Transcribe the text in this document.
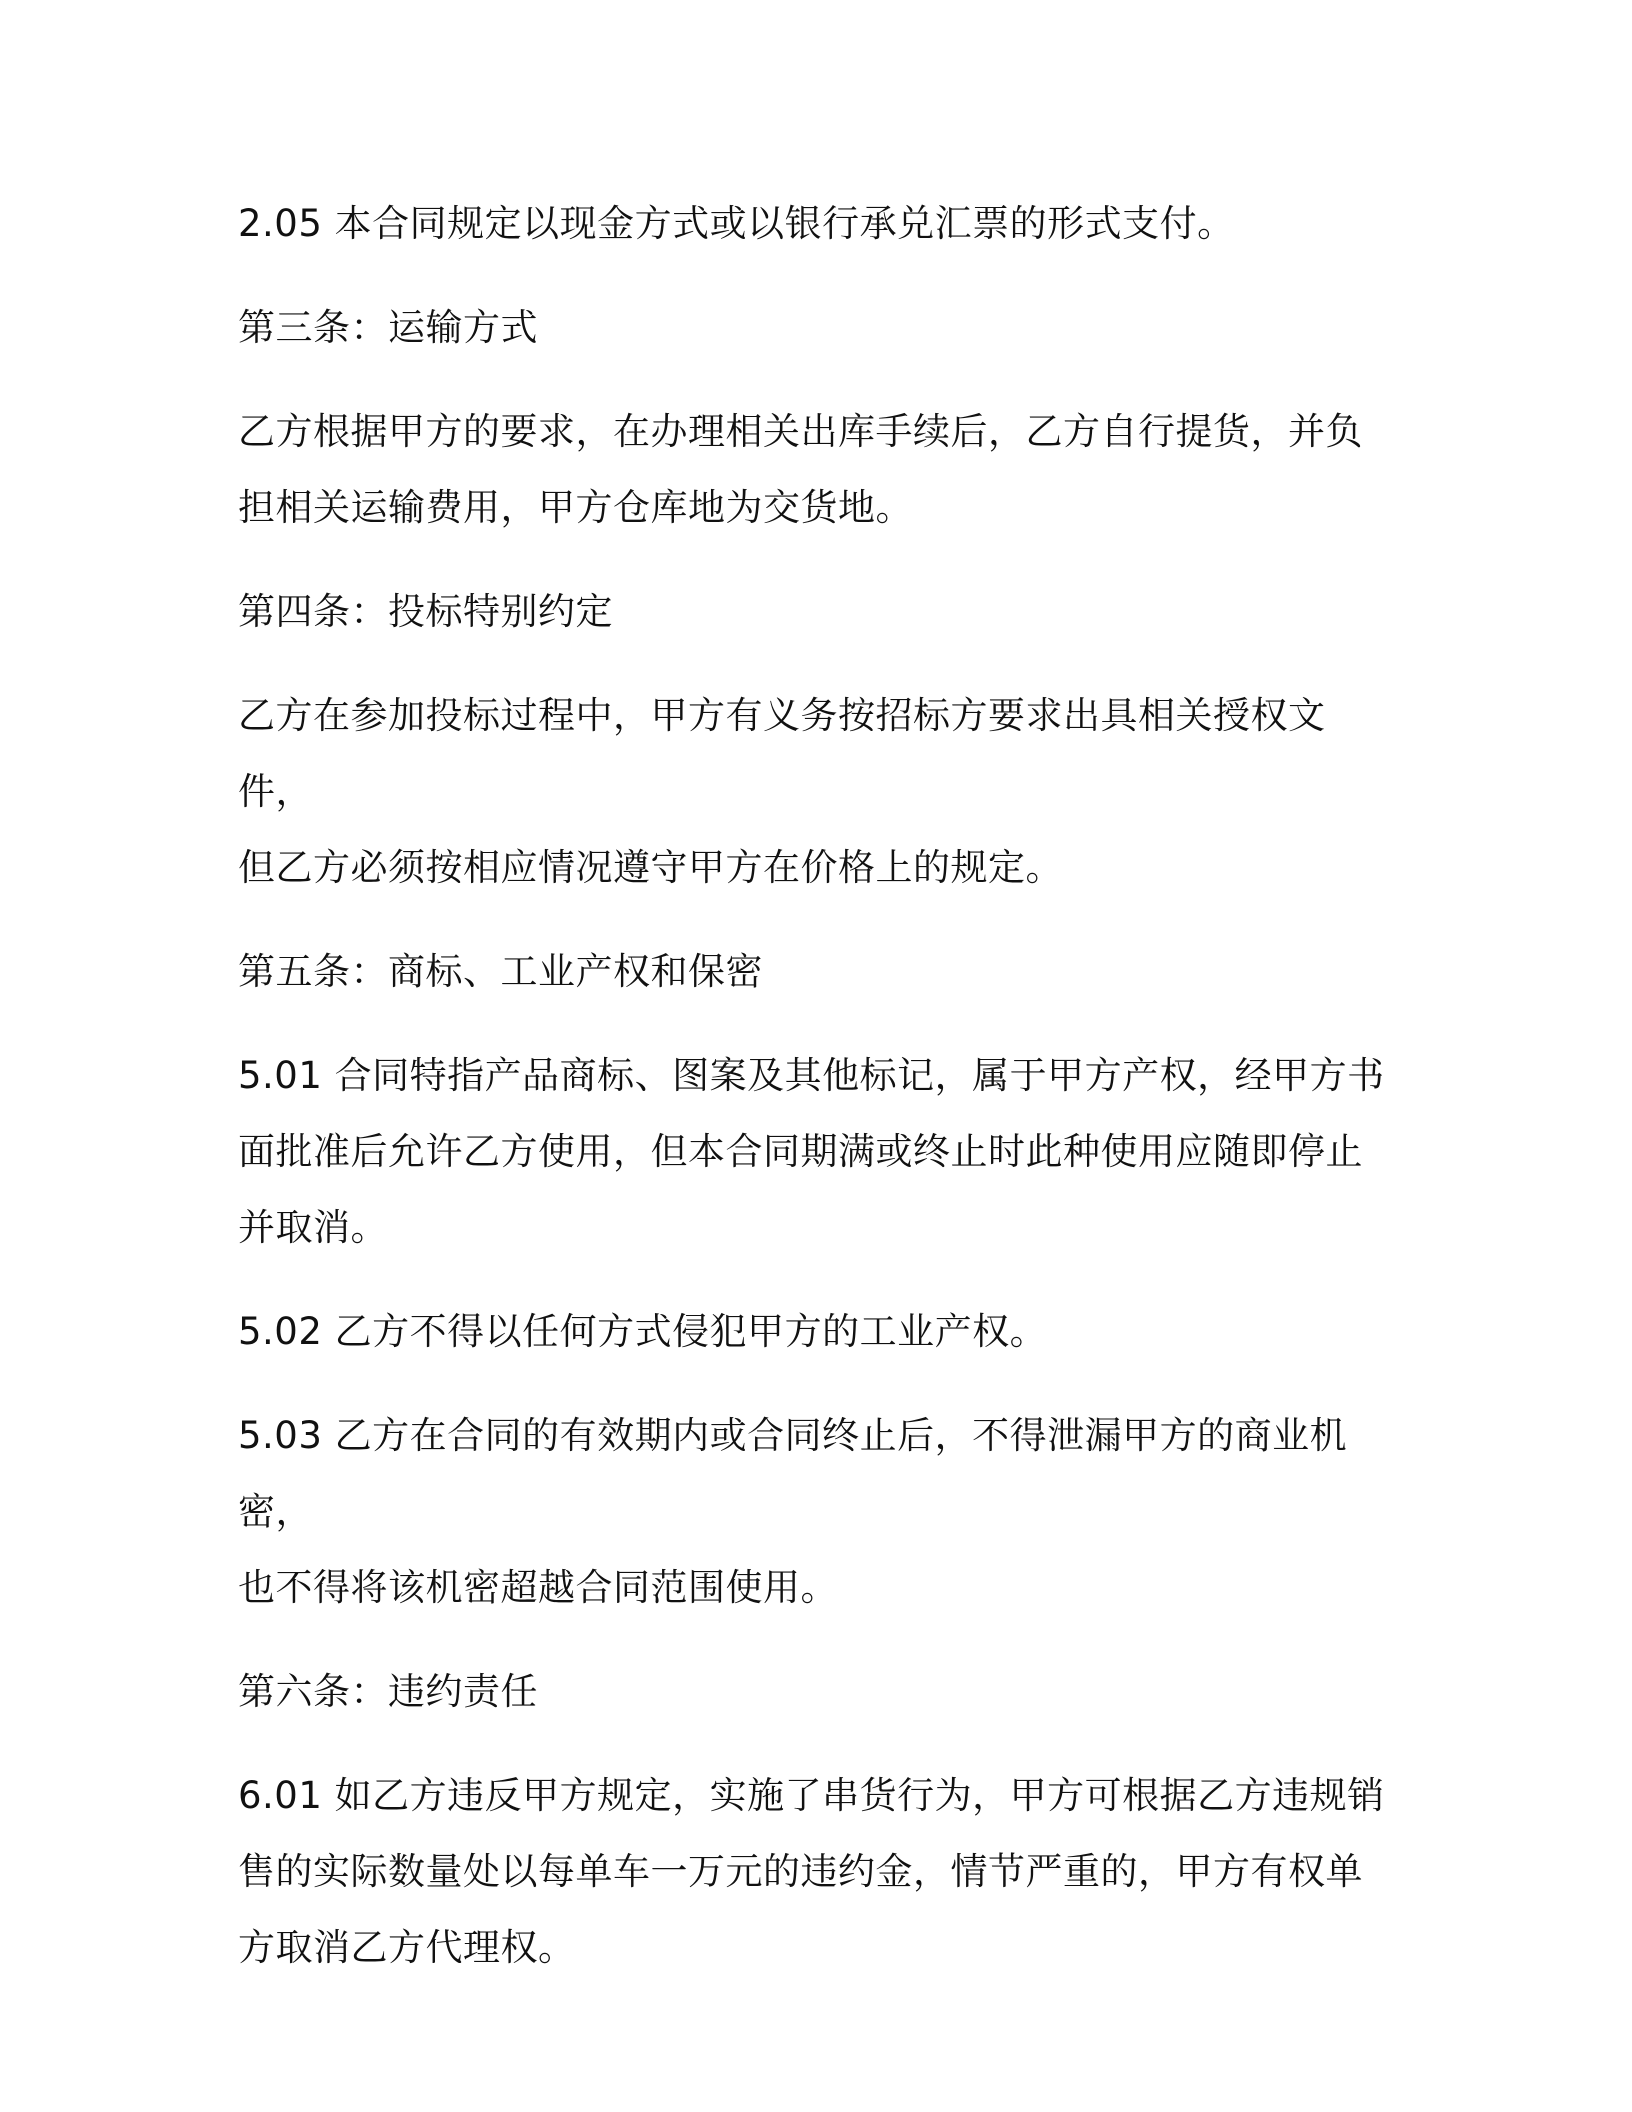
2.05 本合同规定以现金方式或以银行承兑汇票的形式支付。

第三条：运输方式

乙方根据甲方的要求，在办理相关出库手续后，乙方自行提货，并负
担相关运输费用，甲方仓库地为交货地。

第四条：投标特别约定

乙方在参加投标过程中，甲方有义务按招标方要求出具相关授权文件，
但乙方必须按相应情况遵守甲方在价格上的规定。

第五条：商标、工业产权和保密

5.01 合同特指产品商标、图案及其他标记，属于甲方产权，经甲方书
面批准后允许乙方使用，但本合同期满或终止时此种使用应随即停止
并取消。

5.02 乙方不得以任何方式侵犯甲方的工业产权。

5.03 乙方在合同的有效期内或合同终止后，不得泄漏甲方的商业机密，
也不得将该机密超越合同范围使用。

第六条：违约责任

6.01 如乙方违反甲方规定，实施了串货行为，甲方可根据乙方违规销
售的实际数量处以每单车一万元的违约金，情节严重的，甲方有权单
方取消乙方代理权。
